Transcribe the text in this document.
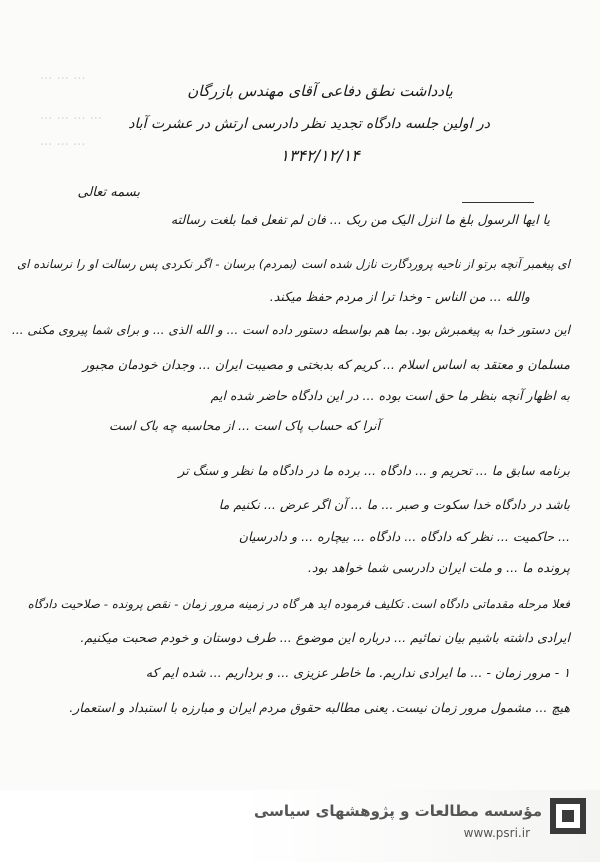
... ... ...
... ... ... ...
... ... ...
یادداشت نطق دفاعی آقای مهندس بازرگان
در اولین جلسه دادگاه تجدید نظر دادرسی ارتش در عشرت آباد
۱۳۴۲/۱۲/۱۴
بسمه تعالی
یا ایها الرسول بلغ ما انزل الیک من ربک ... فان لم تفعل فما بلغت رسالته
ای پیغمبر آنچه برتو از ناحیه پروردگارت نازل شده است (بمردم) برسان - اگر نکردی پس رسالت او را نرسانده ای
والله ... من الناس - وخدا ترا از مردم حفظ میکند.
این دستور خدا به پیغمبرش بود. بما هم بواسطه دستور داده است ... و الله الذی ... و برای شما پیروی مکنی ...
مسلمان و معتقد به اساس اسلام ... کریم که بدبختی و مصیبت ایران ... وجدان خودمان مجبور
به اظهار آنچه بنظر ما حق است بوده ... در این دادگاه حاضر شده ایم
آنرا که حساب پاک است ... از محاسبه چه باک است
برنامه سابق ما ... تحریم و ... دادگاه ... برده ما در دادگاه ما نظر و سنگ تر
باشد در دادگاه خدا سکوت و صبر ... ما ... آن اگر عرض ... نکنیم ما
... حاکمیت ... نظر که دادگاه ... دادگاه ... بیچاره ... و دادرسیان
پرونده ما ... و ملت ایران دادرسی شما خواهد بود.
فعلا مرحله مقدماتی دادگاه است. تکلیف فرموده اید هر گاه در زمینه مرور زمان - نقص پرونده - صلاحیت دادگاه
ایرادی داشته باشیم بیان نمائیم ... درباره این موضوع ... طرف دوستان و خودم صحبت میکنیم.
۱ - مرور زمان - ... ما ایرادی نداریم. ما خاطر عزیزی ... و برداریم ... شده ایم که
هیچ ... مشمول مرور زمان نیست. یعنی مطالبه حقوق مردم ایران و مبارزه با استبداد و استعمار.
مؤسسه مطالعات و پژوهشهای سیاسی
www.psri.ir
